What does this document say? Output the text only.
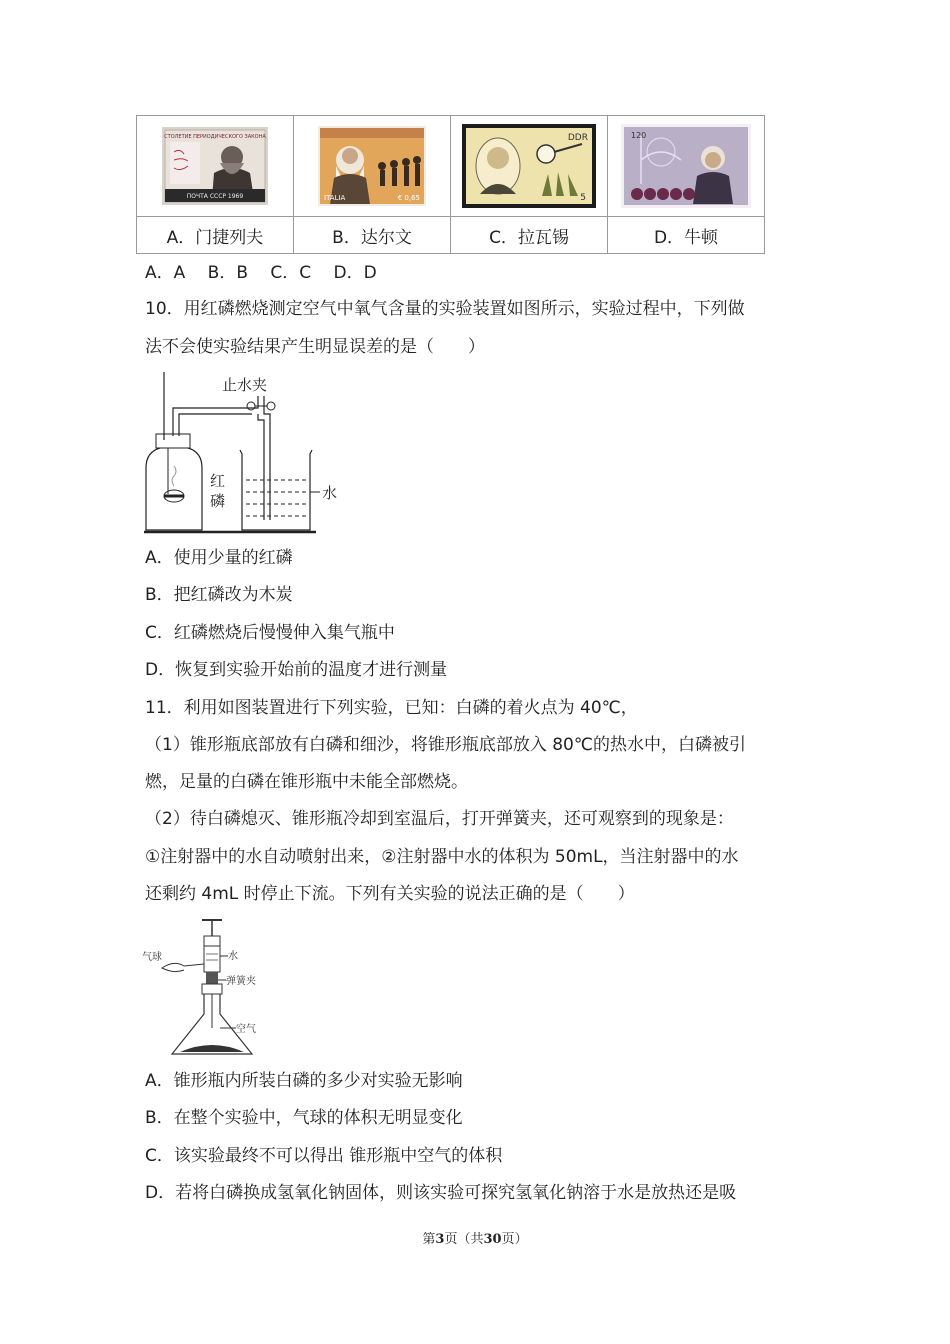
СТОЛЕТИЕ ПЕРИОДИЧЕСКОГО ЗАКОНА
ПОЧТА СССР 1969	ITALIA € 0,65	DDR
5	120

A．门捷列夫	B．达尔文	C．拉瓦锡	D．牛顿
A．A　 B．B　 C．C　 D．D
10．用红磷燃烧测定空气中氧气含量的实验装置如图所示，实验过程中，下列做
法不会使实验结果产生明显误差的是（　　）
止水夹
红
磷	水
A．使用少量的红磷
B．把红磷改为木炭
C．红磷燃烧后慢慢伸入集气瓶中
D．恢复到实验开始前的温度才进行测量
11．利用如图装置进行下列实验，已知：白磷的着火点为 40℃，
（1）锥形瓶底部放有白磷和细沙，将锥形瓶底部放入 80℃的热水中，白磷被引
燃，足量的白磷在锥形瓶中未能全部燃烧。
（2）待白磷熄灭、锥形瓶冷却到室温后，打开弹簧夹，还可观察到的现象是：
①注射器中的水自动喷射出来，②注射器中水的体积为 50mL，当注射器中的水
还剩约 4mL 时停止下流。下列有关实验的说法正确的是（　　）
水
气球
弹簧夹
空气
A．锥形瓶内所装白磷的多少对实验无影响
B．在整个实验中，气球的体积无明显变化
C．该实验最终不可以得出 锥形瓶中空气的体积
D．若将白磷换成氢氧化钠固体，则该实验可探究氢氧化钠溶于水是放热还是吸
第3页（共30页）
